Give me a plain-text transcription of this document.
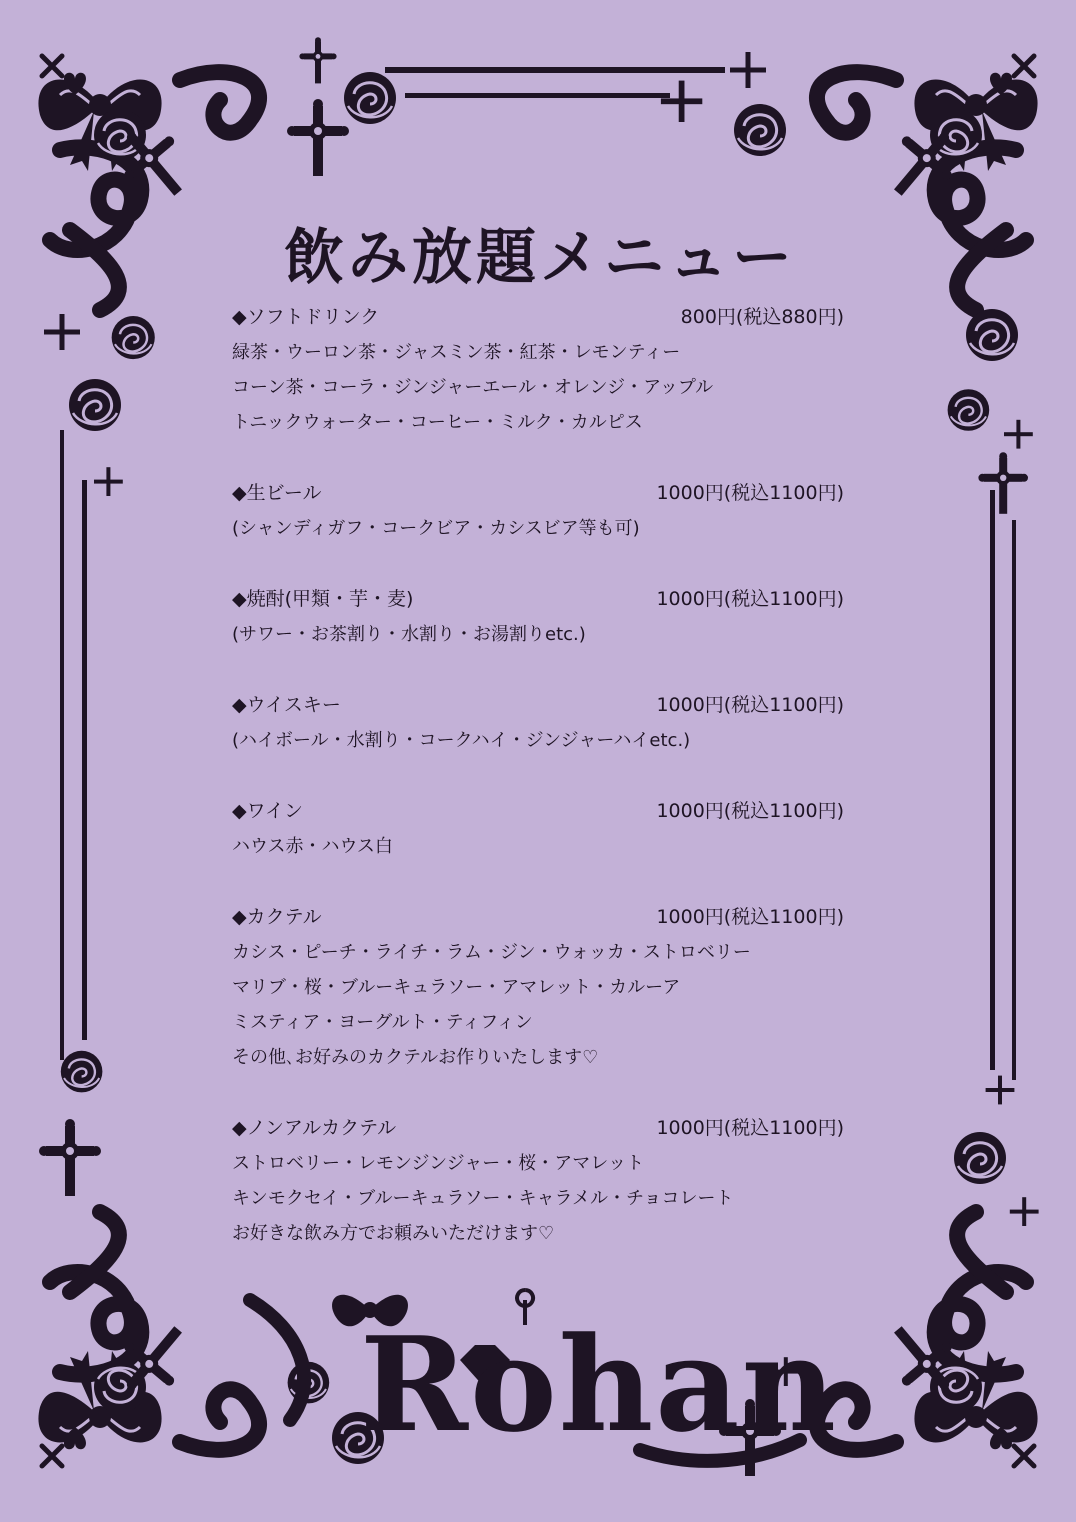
飲み放題メニュー
◆ソフトドリンク	800円(税込880円)
緑茶・ウーロン茶・ジャスミン茶・紅茶・レモンティー
コーン茶・コーラ・ジンジャーエール・オレンジ・アップル
トニックウォーター・コーヒー・ミルク・カルピス
◆生ビール	1000円(税込1100円)
(シャンディガフ・コークビア・カシスビア等も可)
◆焼酎(甲類・芋・麦)	1000円(税込1100円)
(サワー・お茶割り・水割り・お湯割りetc.)
◆ウイスキー	1000円(税込1100円)
(ハイボール・水割り・コークハイ・ジンジャーハイetc.)
◆ワイン	1000円(税込1100円)
ハウス赤・ハウス白
◆カクテル	1000円(税込1100円)
カシス・ピーチ・ライチ・ラム・ジン・ウォッカ・ストロベリー
マリブ・桜・ブルーキュラソー・アマレット・カルーア
ミスティア・ヨーグルト・ティフィン
その他､お好みのカクテルお作りいたします♡
◆ノンアルカクテル	1000円(税込1100円)
ストロベリー・レモンジンジャー・桜・アマレット
キンモクセイ・ブルーキュラソー・キャラメル・チョコレート
お好きな飲み方でお頼みいただけます♡
Rohan
